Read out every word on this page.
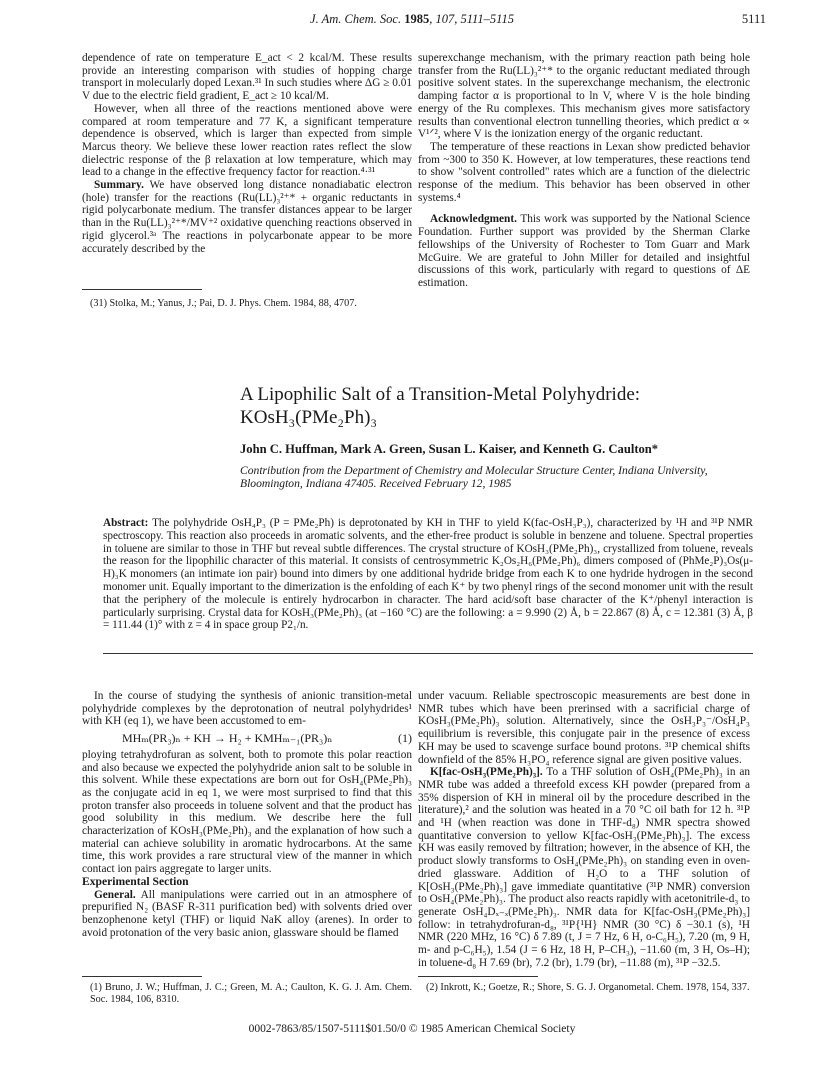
J. Am. Chem. Soc. 1985, 107, 5111–5115	5111

dependence of rate on temperature E_act < 2 kcal/M. These results provide an interesting comparison with studies of hopping charge transport in molecularly doped Lexan.³¹ In such studies where ΔG ≥ 0.01 V due to the electric field gradient, E_act ≥ 10 kcal/M.

However, when all three of the reactions mentioned above were compared at room temperature and 77 K, a significant temperature dependence is observed, which is larger than expected from simple Marcus theory. We believe these lower reaction rates reflect the slow dielectric response of the β relaxation at low temperature, which may lead to a change in the effective frequency factor for reaction.⁴·³¹

Summary. We have observed long distance nonadiabatic electron (hole) transfer for the reactions (Ru(LL)₃²⁺* + organic reductants in rigid polycarbonate medium. The transfer distances appear to be larger than in the Ru(LL)₃²⁺*/MV⁺² oxidative quenching reactions observed in rigid glycerol.³ᵃ The reactions in polycarbonate appear to be more accurately described by the

(31) Stolka, M.; Yanus, J.; Pai, D. J. Phys. Chem. 1984, 88, 4707.

superexchange mechanism, with the primary reaction path being hole transfer from the Ru(LL)₃²⁺* to the organic reductant mediated through positive solvent states. In the superexchange mechanism, the electronic damping factor α is proportional to ln V, where V is the hole binding energy of the Ru complexes. This mechanism gives more satisfactory results than conventional electron tunnelling theories, which predict α ∝ V¹ᐟ², where V is the ionization energy of the organic reductant.

The temperature of these reactions in Lexan show predicted behavior from ~300 to 350 K. However, at low temperatures, these reactions tend to show "solvent controlled" rates which are a function of the dielectric response of the medium. This behavior has been observed in other systems.⁴

Acknowledgment. This work was supported by the National Science Foundation. Further support was provided by the Sherman Clarke fellowships of the University of Rochester to Tom Guarr and Mark McGuire. We are grateful to John Miller for detailed and insightful discussions of this work, particularly with regard to questions of ΔE estimation.

A Lipophilic Salt of a Transition-Metal Polyhydride:
KOsH₃(PMe₂Ph)₃
John C. Huffman, Mark A. Green, Susan L. Kaiser, and Kenneth G. Caulton*
Contribution from the Department of Chemistry and Molecular Structure Center, Indiana University, Bloomington, Indiana 47405. Received February 12, 1985
Abstract: The polyhydride OsH₄P₃ (P = PMe₂Ph) is deprotonated by KH in THF to yield K(fac-OsH₃P₃), characterized by ¹H and ³¹P NMR spectroscopy. This reaction also proceeds in aromatic solvents, and the ether-free product is soluble in benzene and toluene. Spectral properties in toluene are similar to those in THF but reveal subtle differences. The crystal structure of KOsH₃(PMe₂Ph)₃, crystallized from toluene, reveals the reason for the lipophilic character of this material. It consists of centrosymmetric K₂Os₂H₆(PMe₂Ph)₆ dimers composed of (PhMe₂P)₃Os(μ-H)₃K monomers (an intimate ion pair) bound into dimers by one additional hydride bridge from each K to one hydride hydrogen in the second monomer unit. Equally important to the dimerization is the enfolding of each K⁺ by two phenyl rings of the second monomer unit with the result that the periphery of the molecule is entirely hydrocarbon in character. The hard acid/soft base character of the K⁺/phenyl interaction is particularly surprising. Crystal data for KOsH₃(PMe₂Ph)₃ (at −160 °C) are the following: a = 9.990 (2) Å, b = 22.867 (8) Å, c = 12.381 (3) Å, β = 111.44 (1)° with z = 4 in space group P2₁/n.

In the course of studying the synthesis of anionic transition-metal polyhydride complexes by the deprotonation of neutral polyhydrides¹ with KH (eq 1), we have been accustomed to em-

MHₘ(PR₃)ₙ + KH → H₂ + KMHₘ₋₁(PR₃)ₙ	(1)

ploying tetrahydrofuran as solvent, both to promote this polar reaction and also because we expected the polyhydride anion salt to be soluble in this solvent. While these expectations are born out for OsH₄(PMe₂Ph)₃ as the conjugate acid in eq 1, we were most surprised to find that this proton transfer also proceeds in toluene solvent and that the product has good solubility in this medium. We describe here the full characterization of KOsH₃(PMe₂Ph)₃ and the explanation of how such a material can achieve solubility in aromatic hydrocarbons. At the same time, this work provides a rare structural view of the manner in which contact ion pairs aggregate to larger units.

Experimental Section

General. All manipulations were carried out in an atmosphere of prepurified N₂ (BASF R-311 purification bed) with solvents dried over benzophenone ketyl (THF) or liquid NaK alloy (arenes). In order to avoid protonation of the very basic anion, glassware should be flamed

(1) Bruno, J. W.; Huffman, J. C.; Green, M. A.; Caulton, K. G. J. Am. Chem. Soc. 1984, 106, 8310.

under vacuum. Reliable spectroscopic measurements are best done in NMR tubes which have been prerinsed with a sacrificial charge of KOsH₃(PMe₂Ph)₃ solution. Alternatively, since the OsH₃P₃⁻/OsH₄P₃ equilibrium is reversible, this conjugate pair in the presence of excess KH may be used to scavenge surface bound protons. ³¹P chemical shifts downfield of the 85% H₃PO₄ reference signal are given positive values.

K[fac-OsH₃(PMe₂Ph)₃]. To a THF solution of OsH₄(PMe₂Ph)₃ in an NMR tube was added a threefold excess KH powder (prepared from a 35% dispersion of KH in mineral oil by the procedure described in the literature),² and the solution was heated in a 70 °C oil bath for 12 h. ³¹P and ¹H (when reaction was done in THF-d₈) NMR spectra showed quantitative conversion to yellow K[fac-OsH₃(PMe₂Ph)₃]. The excess KH was easily removed by filtration; however, in the absence of KH, the product slowly transforms to OsH₄(PMe₂Ph)₃ on standing even in oven-dried glassware. Addition of H₂O to a THF solution of K[OsH₃(PMe₂Ph)₃] gave immediate quantitative (³¹P NMR) conversion to OsH₄(PMe₂Ph)₃. The product also reacts rapidly with acetonitrile-d₃ to generate OsH₄Dₓ₋ₓ(PMe₂Ph)₃. NMR data for K[fac-OsH₃(PMe₂Ph)₃] follow: in tetrahydrofuran-d₈, ³¹P{¹H} NMR (30 °C) δ −30.1 (s), ¹H NMR (220 MHz, 16 °C) δ 7.89 (t, J = 7 Hz, 6 H, o-C₆H₅), 7.20 (m, 9 H, m- and p-C₆H₅), 1.54 (J = 6 Hz, 18 H, P–CH₃), −11.60 (m, 3 H, Os–H); in toluene-d₈ H 7.69 (br), 7.2 (br), 1.79 (br), −11.88 (m), ³¹P −32.5.

(2) Inkrott, K.; Goetze, R.; Shore, S. G. J. Organometal. Chem. 1978, 154, 337.
0002-7863/85/1507-5111$01.50/0 © 1985 American Chemical Society
